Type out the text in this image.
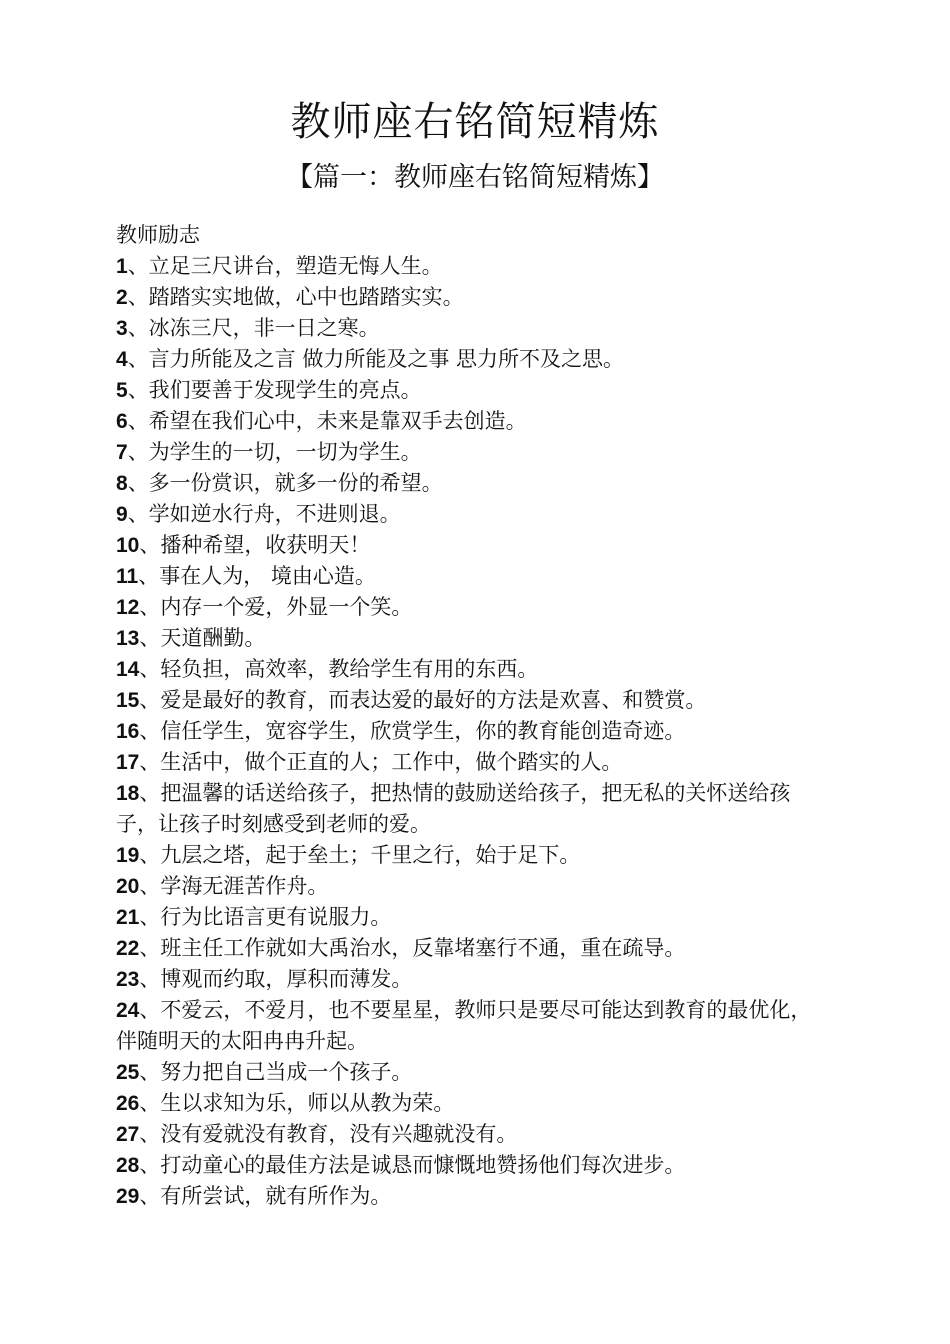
教师座右铭简短精炼
【篇一：教师座右铭简短精炼】
教师励志
1、立足三尺讲台，塑造无悔人生。
2、踏踏实实地做，心中也踏踏实实。
3、冰冻三尺，非一日之寒。
4、言力所能及之言 做力所能及之事 思力所不及之思。
5、我们要善于发现学生的亮点。
6、希望在我们心中，未来是靠双手去创造。
7、为学生的一切，一切为学生。
8、多一份赏识，就多一份的希望。
9、学如逆水行舟，不进则退。
10、播种希望，收获明天！
11、事在人为， 境由心造。
12、内存一个爱，外显一个笑。
13、天道酬勤。
14、轻负担，高效率，教给学生有用的东西。
15、爱是最好的教育，而表达爱的最好的方法是欢喜、和赞赏。
16、信任学生，宽容学生，欣赏学生，你的教育能创造奇迹。
17、生活中，做个正直的人；工作中，做个踏实的人。
18、把温馨的话送给孩子，把热情的鼓励送给孩子，把无私的关怀送给孩子，让孩子时刻感受到老师的爱。
19、九层之塔，起于垒土；千里之行，始于足下。
20、学海无涯苦作舟。
21、行为比语言更有说服力。
22、班主任工作就如大禹治水，反靠堵塞行不通，重在疏导。
23、博观而约取，厚积而薄发。
24、不爱云，不爱月，也不要星星，教师只是要尽可能达到教育的最优化，伴随明天的太阳冉冉升起。
25、努力把自己当成一个孩子。
26、生以求知为乐，师以从教为荣。
27、没有爱就没有教育，没有兴趣就没有。
28、打动童心的最佳方法是诚恳而慷慨地赞扬他们每次进步。
29、有所尝试，就有所作为。
